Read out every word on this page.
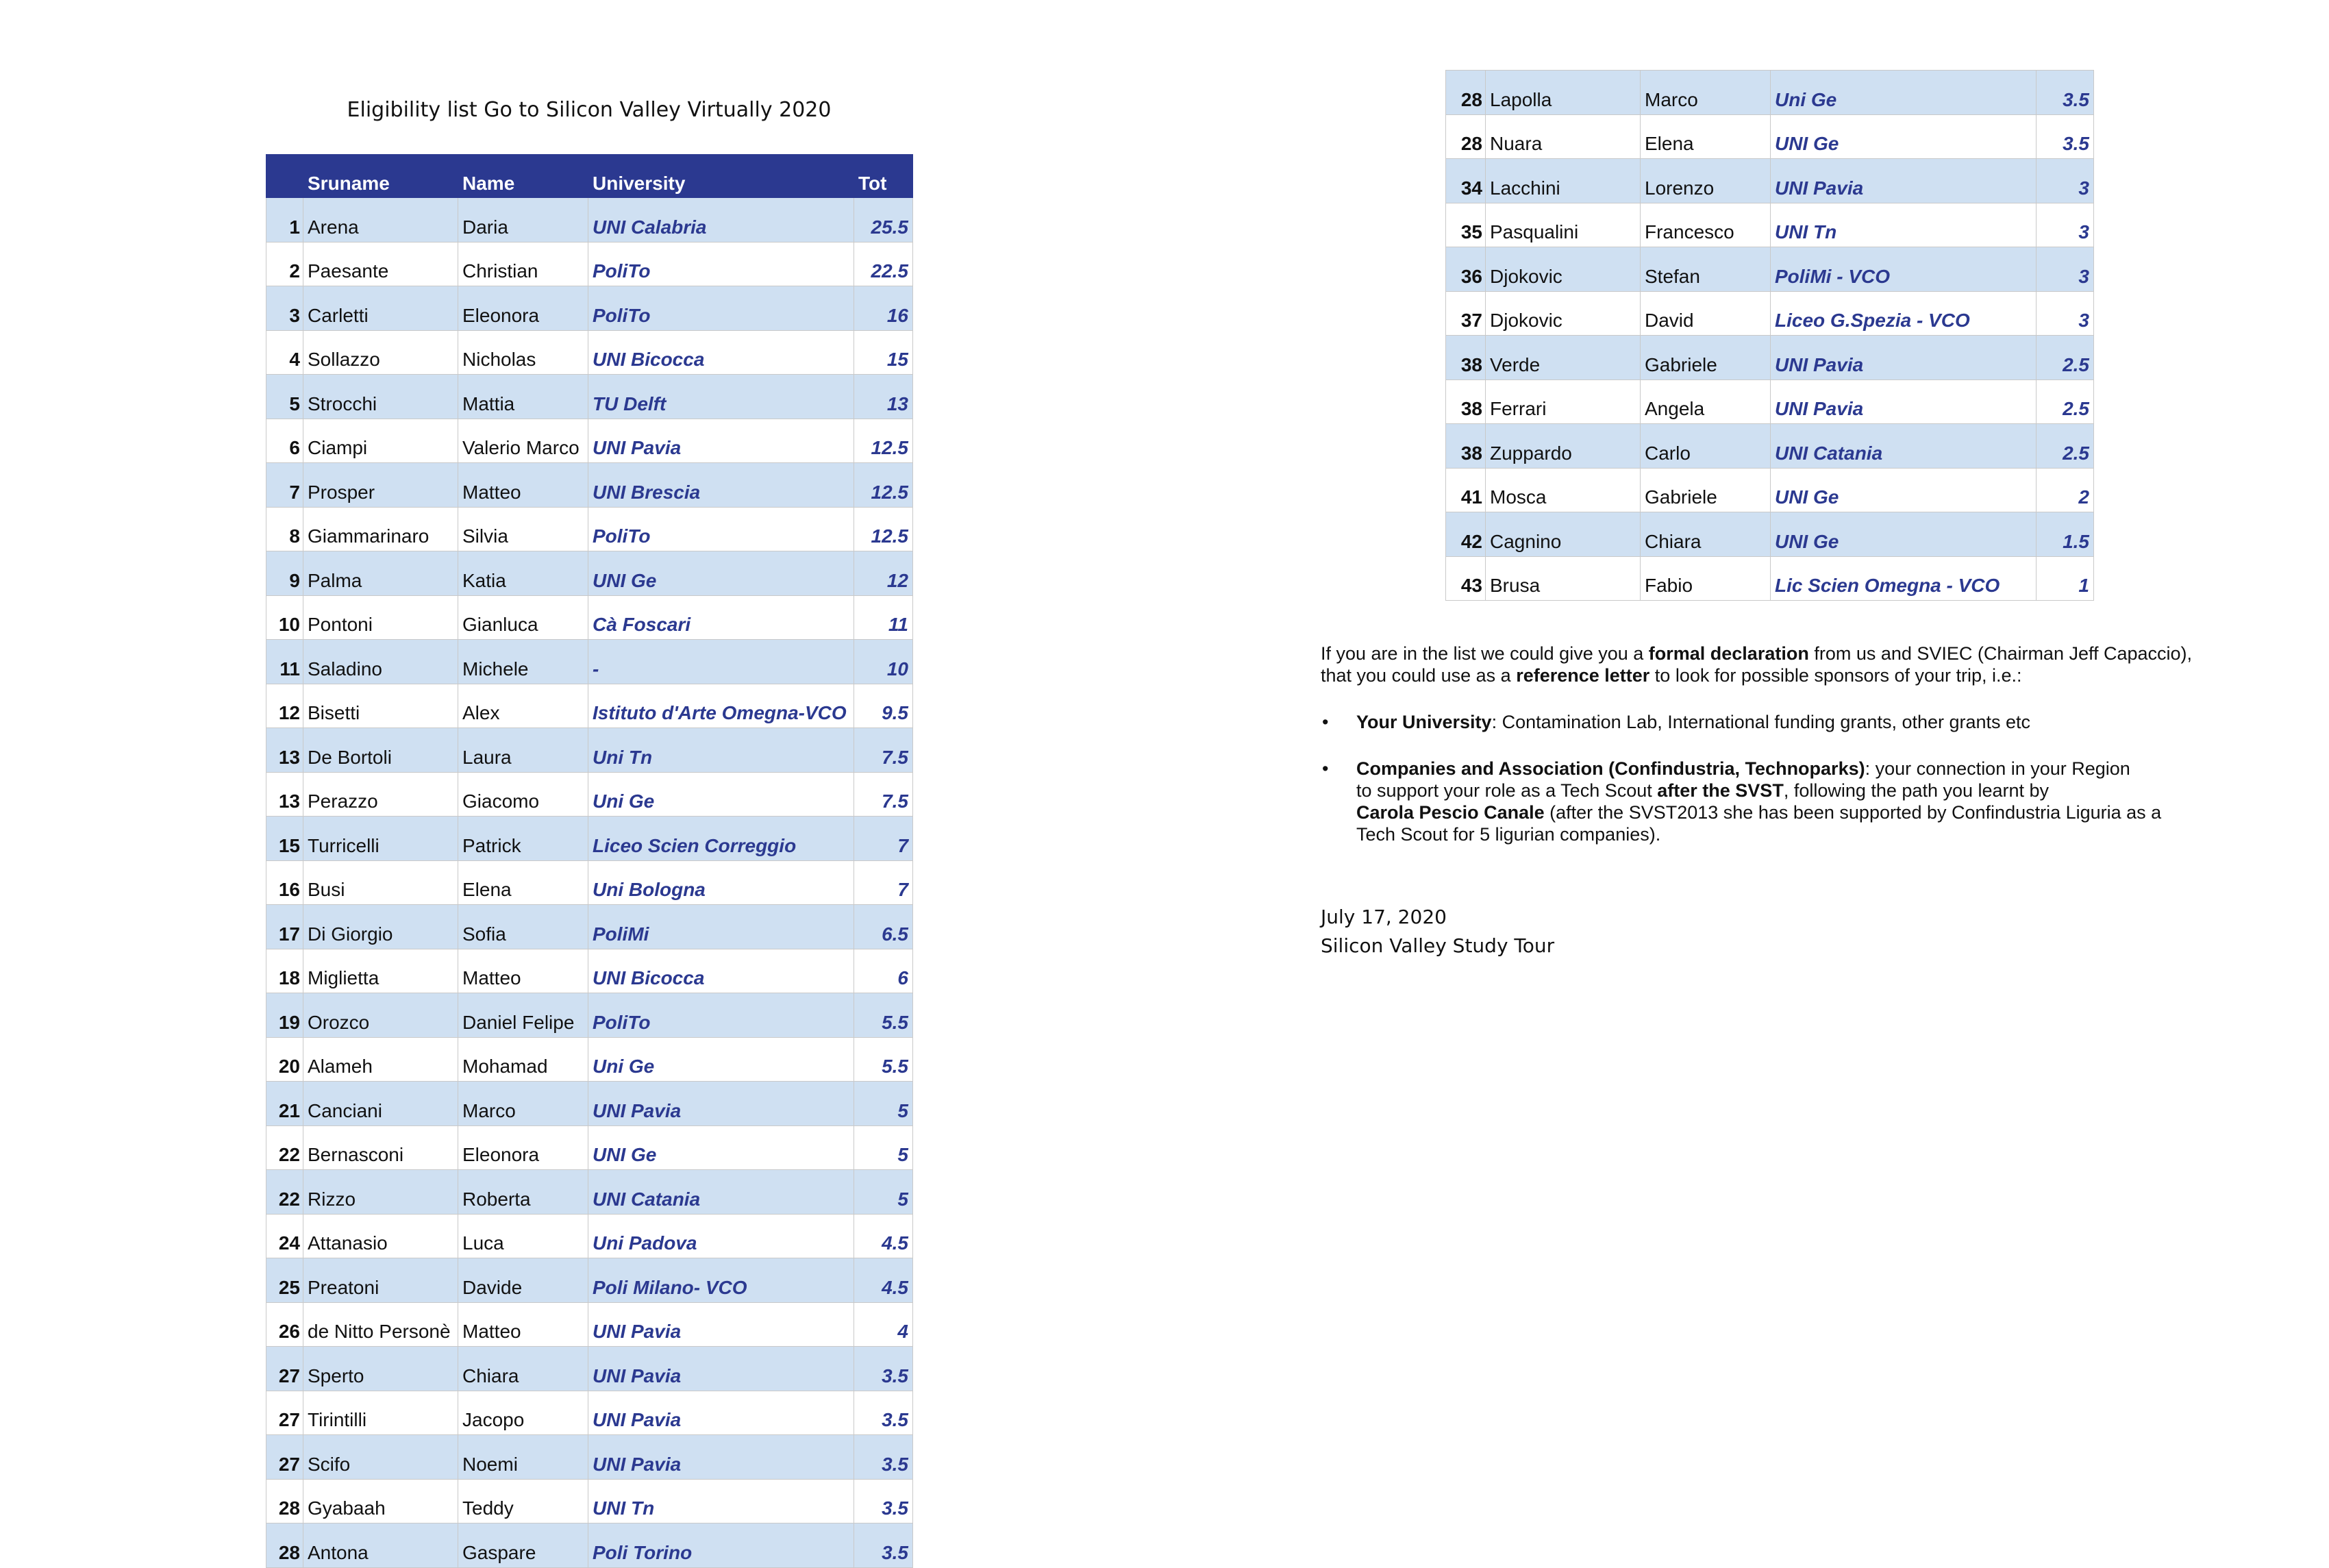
Eligibility list Go to Silicon Valley Virtually 2020
	Sruname	Name	University	Tot
1	Arena	Daria	UNI Calabria	25.5
2	Paesante	Christian	PoliTo	22.5
3	Carletti	Eleonora	PoliTo	16
4	Sollazzo	Nicholas	UNI Bicocca	15
5	Strocchi	Mattia	TU Delft	13
6	Ciampi	Valerio Marco	UNI Pavia	12.5
7	Prosper	Matteo	UNI Brescia	12.5
8	Giammarinaro	Silvia	PoliTo	12.5
9	Palma	Katia	UNI Ge	12
10	Pontoni	Gianluca	Cà Foscari	11
11	Saladino	Michele	-	10
12	Bisetti	Alex	Istituto d'Arte Omegna-VCO	9.5
13	De Bortoli	Laura	Uni Tn	7.5
13	Perazzo	Giacomo	Uni Ge	7.5
15	Turricelli	Patrick	Liceo Scien Correggio	7
16	Busi	Elena	Uni Bologna	7
17	Di Giorgio	Sofia	PoliMi	6.5
18	Miglietta	Matteo	UNI Bicocca	6
19	Orozco	Daniel Felipe	PoliTo	5.5
20	Alameh	Mohamad	Uni Ge	5.5
21	Canciani	Marco	UNI Pavia	5
22	Bernasconi	Eleonora	UNI Ge	5
22	Rizzo	Roberta	UNI Catania	5
24	Attanasio	Luca	Uni Padova	4.5
25	Preatoni	Davide	Poli Milano- VCO	4.5
26	de Nitto Personè	Matteo	UNI Pavia	4
27	Sperto	Chiara	UNI Pavia	3.5
27	Tirintilli	Jacopo	UNI Pavia	3.5
27	Scifo	Noemi	UNI Pavia	3.5
28	Gyabaah	Teddy	UNI Tn	3.5
28	Antona	Gaspare	Poli Torino	3.5
28	Lapolla	Marco	Uni Ge	3.5
28	Nuara	Elena	UNI Ge	3.5
34	Lacchini	Lorenzo	UNI Pavia	3
35	Pasqualini	Francesco	UNI Tn	3
36	Djokovic	Stefan	PoliMi - VCO	3
37	Djokovic	David	Liceo G.Spezia - VCO	3
38	Verde	Gabriele	UNI Pavia	2.5
38	Ferrari	Angela	UNI Pavia	2.5
38	Zuppardo	Carlo	UNI Catania	2.5
41	Mosca	Gabriele	UNI Ge	2
42	Cagnino	Chiara	UNI Ge	1.5
43	Brusa	Fabio	Lic Scien Omegna - VCO	1

If you are in the list we could give you a formal declaration from us and SVIEC (Chairman Jeff Capaccio),
that you could use as a reference letter to look for possible sponsors of your trip, i.e.:

• Your University: Contamination Lab, International funding grants, other grants etc
• Companies and Association (Confindustria, Technoparks): your connection in your Region
to support your role as a Tech Scout after the SVST, following the path you learnt by
Carola Pescio Canale (after the SVST2013 she has been supported by Confindustria Liguria as a
Tech Scout for 5 ligurian companies).
July 17, 2020
Silicon Valley Study Tour
